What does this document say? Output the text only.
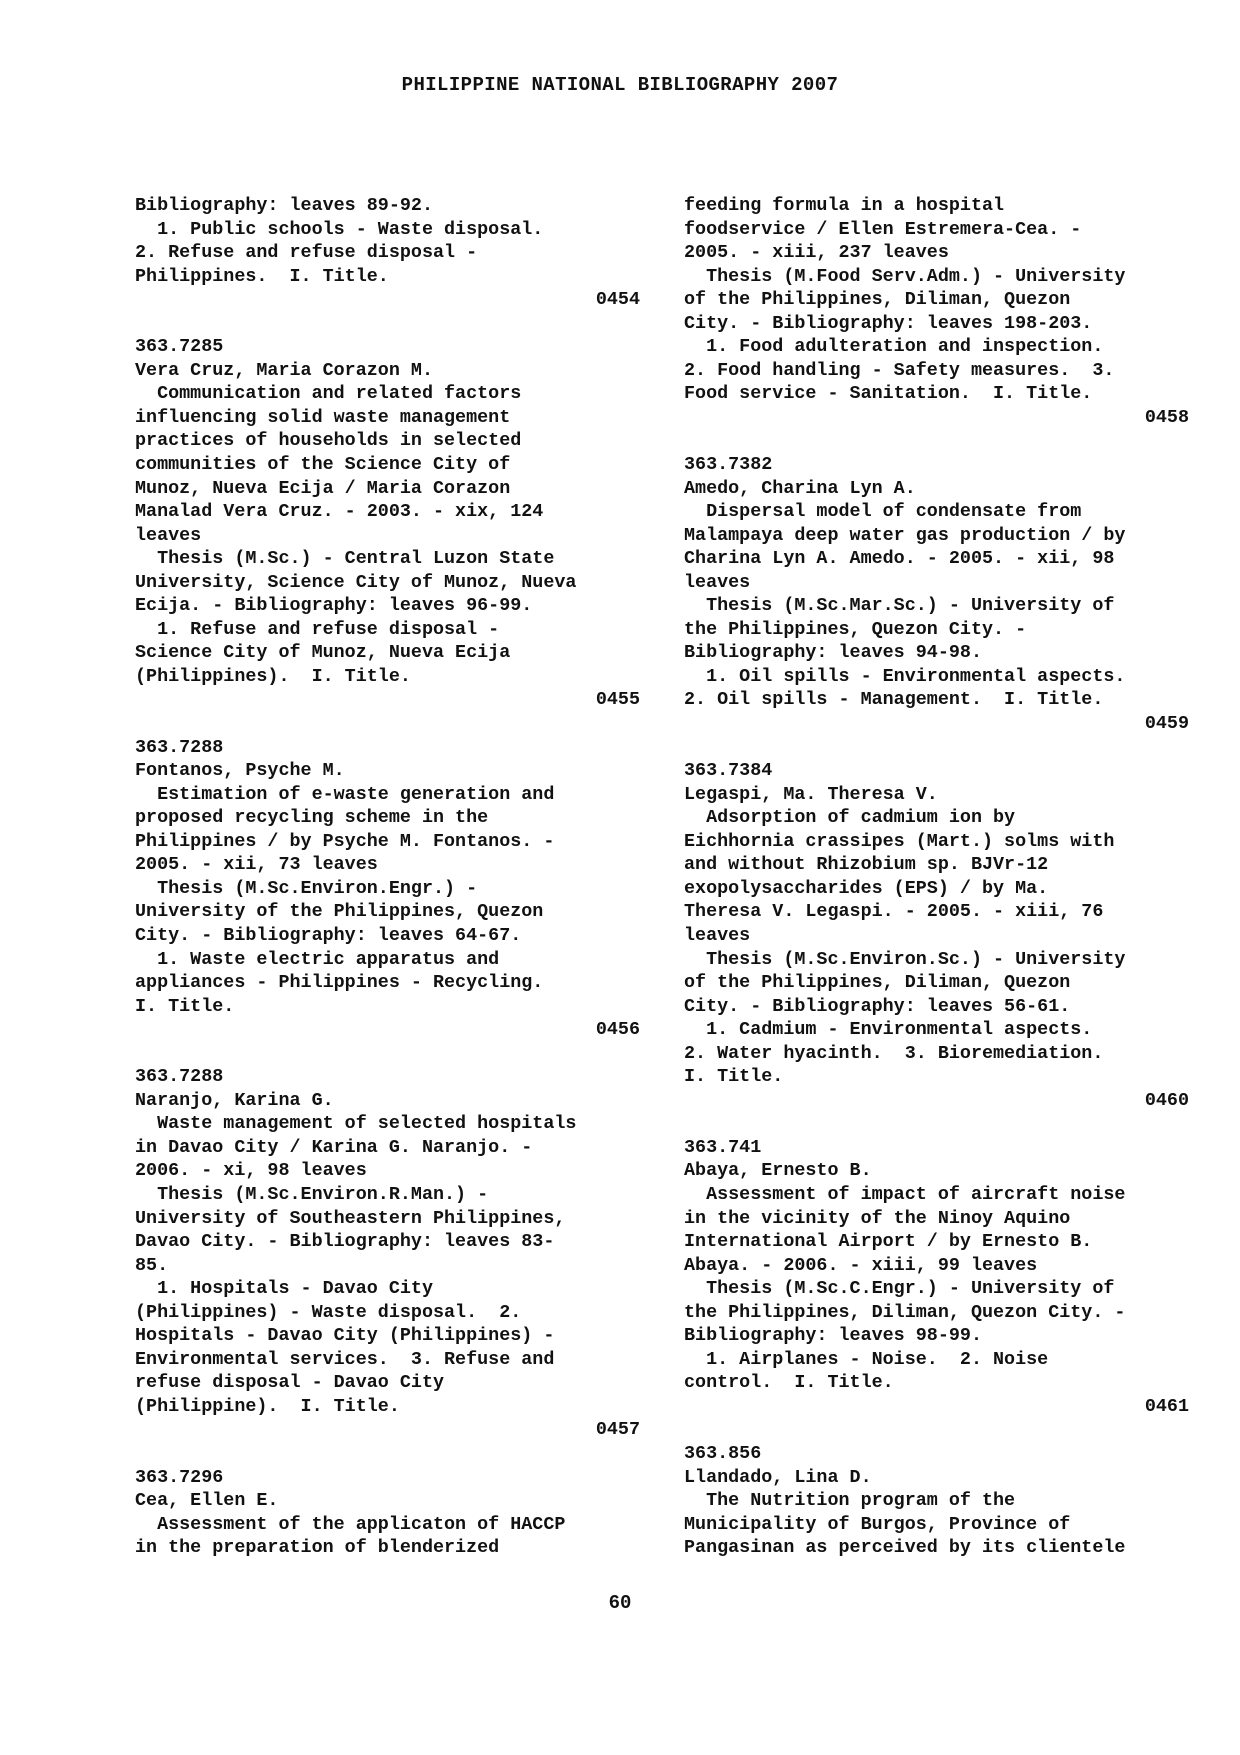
PHILIPPINE NATIONAL BIBLIOGRAPHY 2007
Bibliography: leaves 89-92.
1. Public schools - Waste disposal.
2. Refuse and refuse disposal -
Philippines.  I. Title.
0454
363.7285
Vera Cruz, Maria Corazon M.
Communication and related factors
influencing solid waste management
practices of households in selected
communities of the Science City of
Munoz, Nueva Ecija / Maria Corazon
Manalad Vera Cruz. - 2003. - xix, 124
leaves
Thesis (M.Sc.) - Central Luzon State
University, Science City of Munoz, Nueva
Ecija. - Bibliography: leaves 96-99.
1. Refuse and refuse disposal -
Science City of Munoz, Nueva Ecija
(Philippines).  I. Title.
0455
363.7288
Fontanos, Psyche M.
Estimation of e-waste generation and
proposed recycling scheme in the
Philippines / by Psyche M. Fontanos. -
2005. - xii, 73 leaves
Thesis (M.Sc.Environ.Engr.) -
University of the Philippines, Quezon
City. - Bibliography: leaves 64-67.
1. Waste electric apparatus and
appliances - Philippines - Recycling.
I. Title.
0456
363.7288
Naranjo, Karina G.
Waste management of selected hospitals
in Davao City / Karina G. Naranjo. -
2006. - xi, 98 leaves
Thesis (M.Sc.Environ.R.Man.) -
University of Southeastern Philippines,
Davao City. - Bibliography: leaves 83-
85.
1. Hospitals - Davao City
(Philippines) - Waste disposal.  2.
Hospitals - Davao City (Philippines) -
Environmental services.  3. Refuse and
refuse disposal - Davao City
(Philippine).  I. Title.
0457
363.7296
Cea, Ellen E.
Assessment of the applicaton of HACCP
in the preparation of blenderized
feeding formula in a hospital
foodservice / Ellen Estremera-Cea. -
2005. - xiii, 237 leaves
Thesis (M.Food Serv.Adm.) - University
of the Philippines, Diliman, Quezon
City. - Bibliography: leaves 198-203.
1. Food adulteration and inspection.
2. Food handling - Safety measures.  3.
Food service - Sanitation.  I. Title.
0458
363.7382
Amedo, Charina Lyn A.
Dispersal model of condensate from
Malampaya deep water gas production / by
Charina Lyn A. Amedo. - 2005. - xii, 98
leaves
Thesis (M.Sc.Mar.Sc.) - University of
the Philippines, Quezon City. -
Bibliography: leaves 94-98.
1. Oil spills - Environmental aspects.
2. Oil spills - Management.  I. Title.
0459
363.7384
Legaspi, Ma. Theresa V.
Adsorption of cadmium ion by
Eichhornia crassipes (Mart.) solms with
and without Rhizobium sp. BJVr-12
exopolysaccharides (EPS) / by Ma.
Theresa V. Legaspi. - 2005. - xiii, 76
leaves
Thesis (M.Sc.Environ.Sc.) - University
of the Philippines, Diliman, Quezon
City. - Bibliography: leaves 56-61.
1. Cadmium - Environmental aspects.
2. Water hyacinth.  3. Bioremediation.
I. Title.
0460
363.741
Abaya, Ernesto B.
Assessment of impact of aircraft noise
in the vicinity of the Ninoy Aquino
International Airport / by Ernesto B.
Abaya. - 2006. - xiii, 99 leaves
Thesis (M.Sc.C.Engr.) - University of
the Philippines, Diliman, Quezon City. -
Bibliography: leaves 98-99.
1. Airplanes - Noise.  2. Noise
control.  I. Title.
0461
363.856
Llandado, Lina D.
The Nutrition program of the
Municipality of Burgos, Province of
Pangasinan as perceived by its clientele
60
